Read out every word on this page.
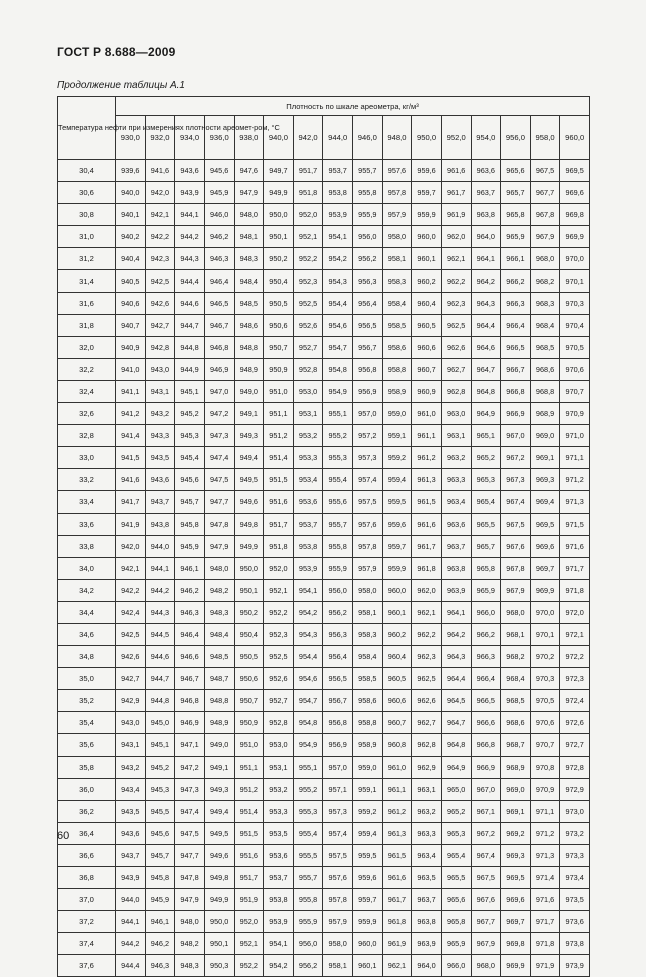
ГОСТ Р 8.688—2009
Продолжение таблицы А.1
Температура нефти при измерениях плотности ареомет-ром, °С	Плотность по шкале ареометра, кг/м³															
	930,0	932,0	934,0	936,0	938,0	940,0	942,0	944,0	946,0	948,0	950,0	952,0	954,0	956,0	958,0	960,0
30,4	939,6	941,6	943,6	945,6	947,6	949,7	951,7	953,7	955,7	957,6	959,6	961,6	963,6	965,6	967,5	969,5
30,6	940,0	942,0	943,9	945,9	947,9	949,9	951,8	953,8	955,8	957,8	959,7	961,7	963,7	965,7	967,7	969,6
30,8	940,1	942,1	944,1	946,0	948,0	950,0	952,0	953,9	955,9	957,9	959,9	961,9	963,8	965,8	967,8	969,8
31,0	940,2	942,2	944,2	946,2	948,1	950,1	952,1	954,1	956,0	958,0	960,0	962,0	964,0	965,9	967,9	969,9
31,2	940,4	942,3	944,3	946,3	948,3	950,2	952,2	954,2	956,2	958,1	960,1	962,1	964,1	966,1	968,0	970,0
31,4	940,5	942,5	944,4	946,4	948,4	950,4	952,3	954,3	956,3	958,3	960,2	962,2	964,2	966,2	968,2	970,1
31,6	940,6	942,6	944,6	946,5	948,5	950,5	952,5	954,4	956,4	958,4	960,4	962,3	964,3	966,3	968,3	970,3
31,8	940,7	942,7	944,7	946,7	948,6	950,6	952,6	954,6	956,5	958,5	960,5	962,5	964,4	966,4	968,4	970,4
32,0	940,9	942,8	944,8	946,8	948,8	950,7	952,7	954,7	956,7	958,6	960,6	962,6	964,6	966,5	968,5	970,5
32,2	941,0	943,0	944,9	946,9	948,9	950,9	952,8	954,8	956,8	958,8	960,7	962,7	964,7	966,7	968,6	970,6
32,4	941,1	943,1	945,1	947,0	949,0	951,0	953,0	954,9	956,9	958,9	960,9	962,8	964,8	966,8	968,8	970,7
32,6	941,2	943,2	945,2	947,2	949,1	951,1	953,1	955,1	957,0	959,0	961,0	963,0	964,9	966,9	968,9	970,9
32,8	941,4	943,3	945,3	947,3	949,3	951,2	953,2	955,2	957,2	959,1	961,1	963,1	965,1	967,0	969,0	971,0
33,0	941,5	943,5	945,4	947,4	949,4	951,4	953,3	955,3	957,3	959,2	961,2	963,2	965,2	967,2	969,1	971,1
33,2	941,6	943,6	945,6	947,5	949,5	951,5	953,4	955,4	957,4	959,4	961,3	963,3	965,3	967,3	969,3	971,2
33,4	941,7	943,7	945,7	947,7	949,6	951,6	953,6	955,6	957,5	959,5	961,5	963,4	965,4	967,4	969,4	971,3
33,6	941,9	943,8	945,8	947,8	949,8	951,7	953,7	955,7	957,6	959,6	961,6	963,6	965,5	967,5	969,5	971,5
33,8	942,0	944,0	945,9	947,9	949,9	951,8	953,8	955,8	957,8	959,7	961,7	963,7	965,7	967,6	969,6	971,6
34,0	942,1	944,1	946,1	948,0	950,0	952,0	953,9	955,9	957,9	959,9	961,8	963,8	965,8	967,8	969,7	971,7
34,2	942,2	944,2	946,2	948,2	950,1	952,1	954,1	956,0	958,0	960,0	962,0	963,9	965,9	967,9	969,9	971,8
34,4	942,4	944,3	946,3	948,3	950,2	952,2	954,2	956,2	958,1	960,1	962,1	964,1	966,0	968,0	970,0	972,0
34,6	942,5	944,5	946,4	948,4	950,4	952,3	954,3	956,3	958,3	960,2	962,2	964,2	966,2	968,1	970,1	972,1
34,8	942,6	944,6	946,6	948,5	950,5	952,5	954,4	956,4	958,4	960,4	962,3	964,3	966,3	968,2	970,2	972,2
35,0	942,7	944,7	946,7	948,7	950,6	952,6	954,6	956,5	958,5	960,5	962,5	964,4	966,4	968,4	970,3	972,3
35,2	942,9	944,8	946,8	948,8	950,7	952,7	954,7	956,7	958,6	960,6	962,6	964,5	966,5	968,5	970,5	972,4
35,4	943,0	945,0	946,9	948,9	950,9	952,8	954,8	956,8	958,8	960,7	962,7	964,7	966,6	968,6	970,6	972,6
35,6	943,1	945,1	947,1	949,0	951,0	953,0	954,9	956,9	958,9	960,8	962,8	964,8	966,8	968,7	970,7	972,7
35,8	943,2	945,2	947,2	949,1	951,1	953,1	955,1	957,0	959,0	961,0	962,9	964,9	966,9	968,9	970,8	972,8
36,0	943,4	945,3	947,3	949,3	951,2	953,2	955,2	957,1	959,1	961,1	963,1	965,0	967,0	969,0	970,9	972,9
36,2	943,5	945,5	947,4	949,4	951,4	953,3	955,3	957,3	959,2	961,2	963,2	965,2	967,1	969,1	971,1	973,0
36,4	943,6	945,6	947,5	949,5	951,5	953,5	955,4	957,4	959,4	961,3	963,3	965,3	967,2	969,2	971,2	973,2
36,6	943,7	945,7	947,7	949,6	951,6	953,6	955,5	957,5	959,5	961,5	963,4	965,4	967,4	969,3	971,3	973,3
36,8	943,9	945,8	947,8	949,8	951,7	953,7	955,7	957,6	959,6	961,6	963,5	965,5	967,5	969,5	971,4	973,4
37,0	944,0	945,9	947,9	949,9	951,9	953,8	955,8	957,8	959,7	961,7	963,7	965,6	967,6	969,6	971,6	973,5
37,2	944,1	946,1	948,0	950,0	952,0	953,9	955,9	957,9	959,9	961,8	963,8	965,8	967,7	969,7	971,7	973,6
37,4	944,2	946,2	948,2	950,1	952,1	954,1	956,0	958,0	960,0	961,9	963,9	965,9	967,9	969,8	971,8	973,8
37,6	944,4	946,3	948,3	950,3	952,2	954,2	956,2	958,1	960,1	962,1	964,0	966,0	968,0	969,9	971,9	973,9
60
